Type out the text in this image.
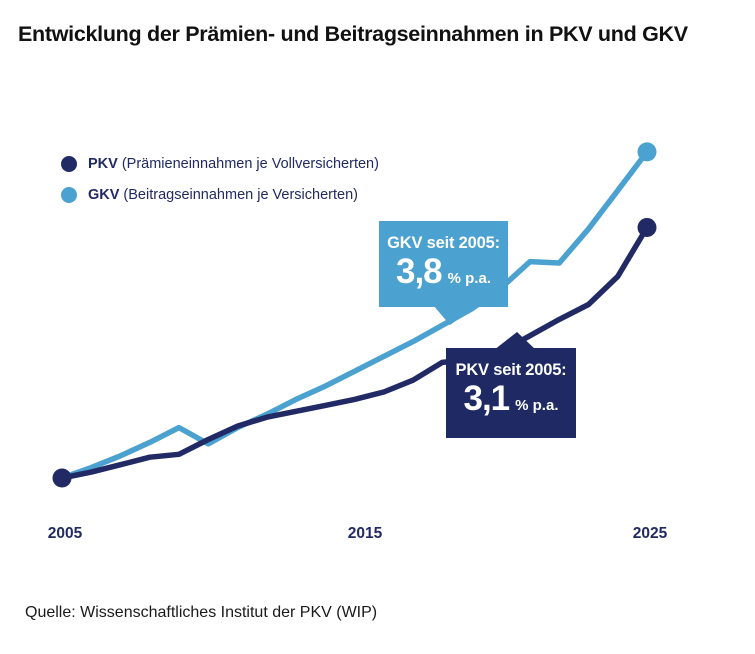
Entwicklung der Prämien- und Beitragseinnahmen in PKV und GKV
PKV (Prämieneinnahmen je Vollversicherten)
GKV (Beitragseinnahmen je Versicherten)
GKV seit 2005:
3,8 % p.a.
PKV seit 2005:
3,1 % p.a.
2005	2015	2025
Quelle: Wissenschaftliches Institut der PKV (WIP)
